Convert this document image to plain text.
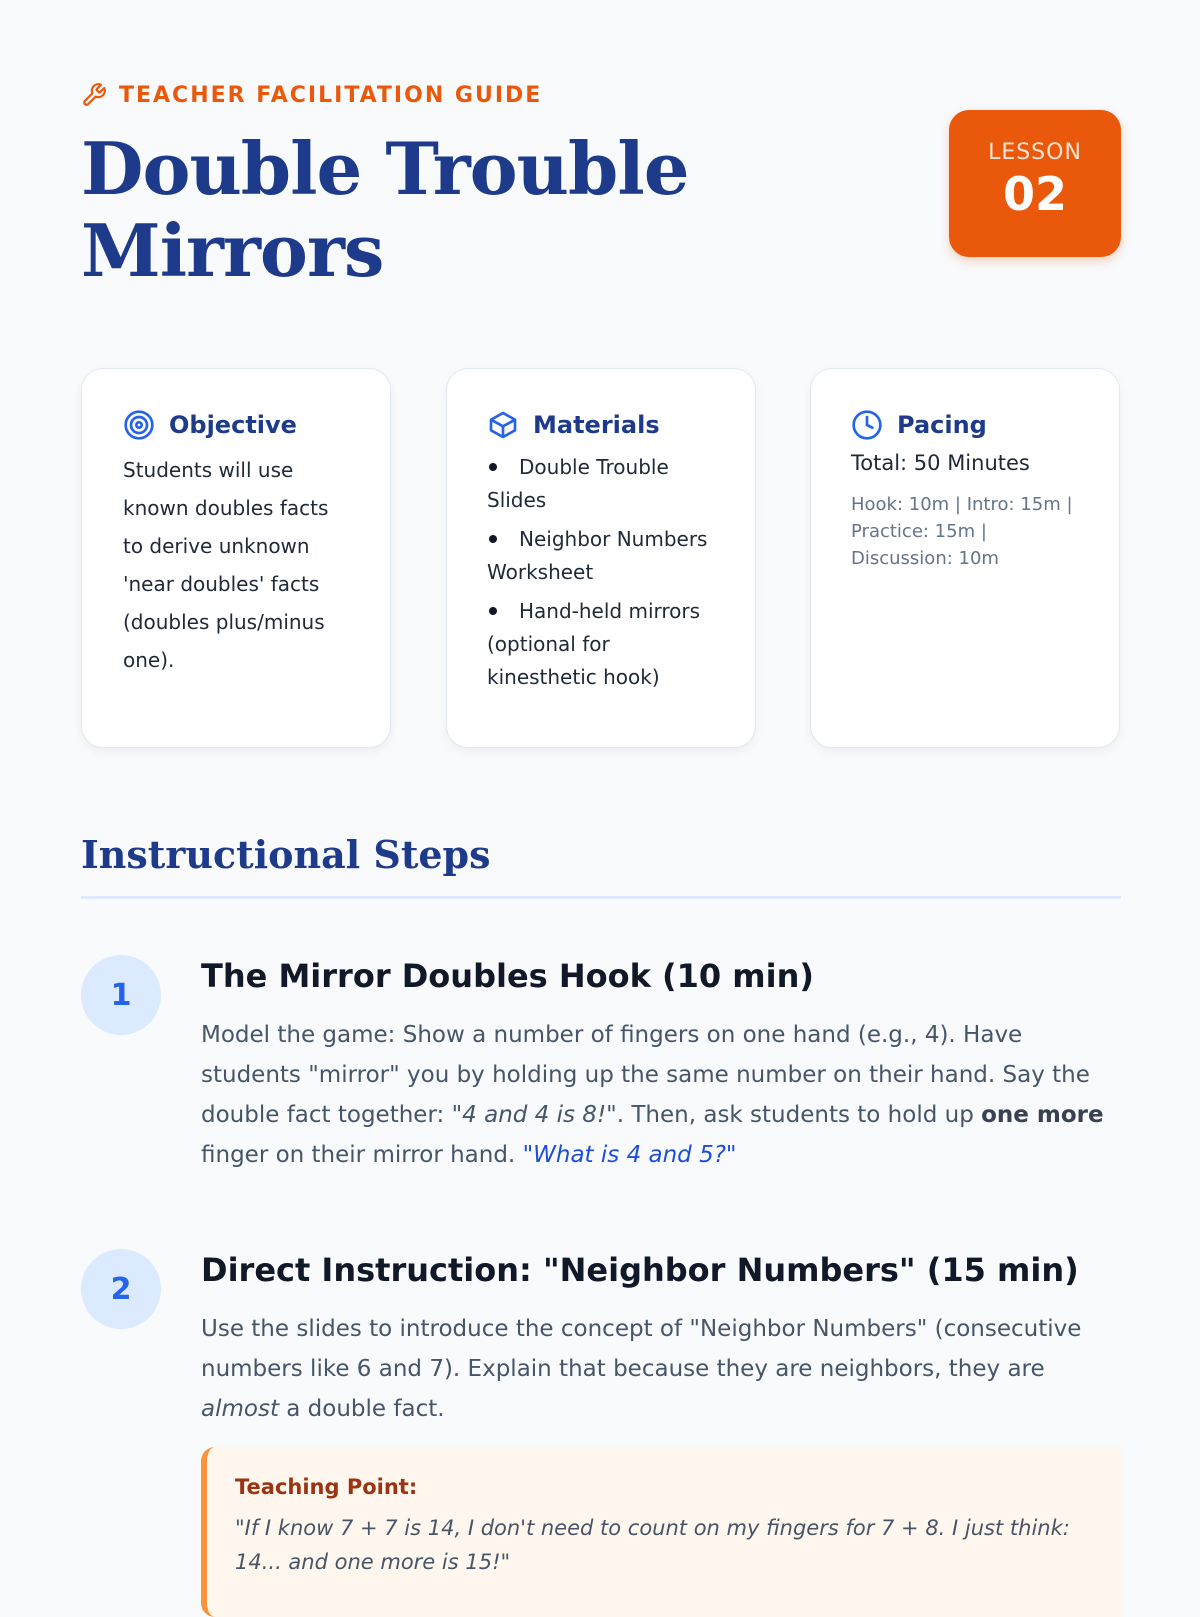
TEACHER FACILITATION GUIDE
Double Trouble Mirrors
LESSON
02
Objective

Students will use known doubles facts to derive unknown 'near doubles' facts (doubles plus/minus one).

Materials
Double Trouble Slides
Neighbor Numbers Worksheet
Hand-held mirrors (optional for kinesthetic hook)
Pacing
Total: 50 Minutes
Hook: 10m | Intro: 15m | Practice: 15m | Discussion: 10m
Instructional Steps
1	The Mirror Doubles Hook (10 min)

Model the game: Show a number of fingers on one hand (e.g., 4). Have students "mirror" you by holding up the same number on their hand. Say the double fact together: "4 and 4 is 8!". Then, ask students to hold up one more finger on their mirror hand. "What is 4 and 5?"

2	Direct Instruction: "Neighbor Numbers" (15 min)

Use the slides to introduce the concept of "Neighbor Numbers" (consecutive numbers like 6 and 7). Explain that because they are neighbors, they are almost a double fact.

Teaching Point:
"If I know 7 + 7 is 14, I don't need to count on my fingers for 7 + 8. I just think: 14... and one more is 15!"
